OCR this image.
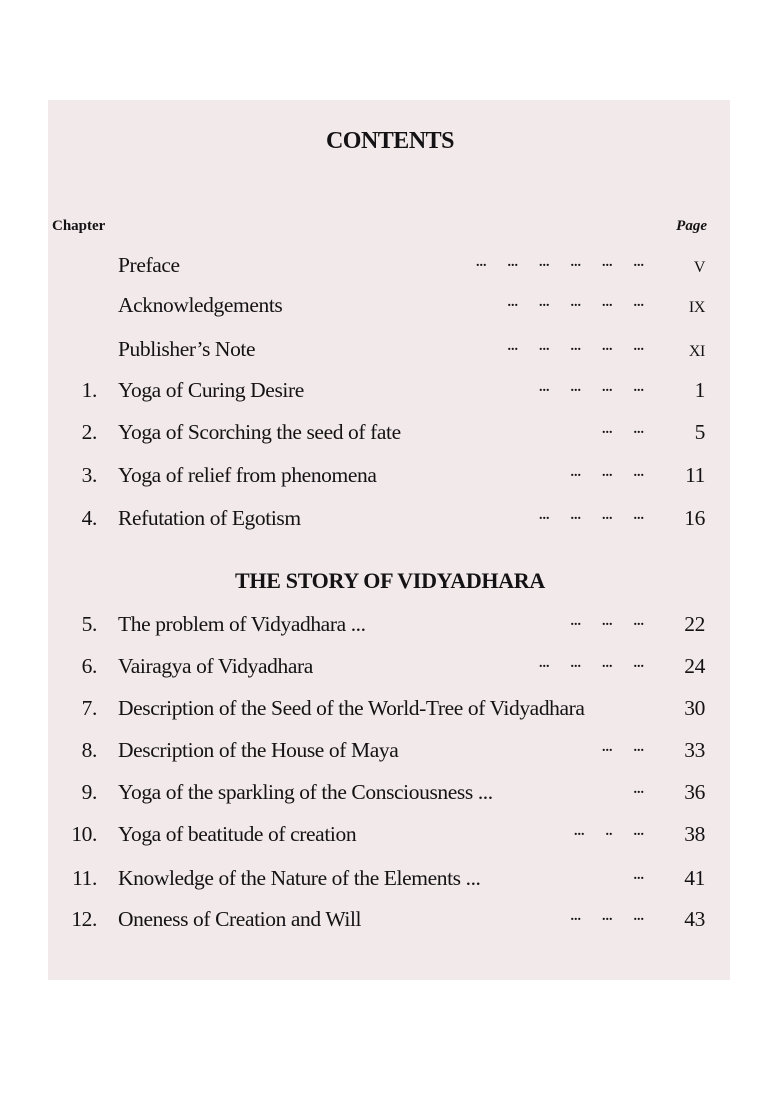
CONTENTS
Chapter	Page
Preface	...      ...      ...      ...      ...      ...	V
Acknowledgements	...      ...      ...      ...      ...	IX
Publisher’s Note	...      ...      ...      ...      ...	XI
1. Yoga of Curing Desire	...      ...      ...      ... 1
2. Yoga of Scorching the seed of fate	...      ... 5
3. Yoga of relief from phenomena	...      ...      ... 11
4. Refutation of Egotism	...      ...      ...      ... 16
5. The problem of Vidyadhara ...	...      ...      ... 22
6. Vairagya of Vidyadhara	...      ...      ...      ... 24
7. Description of the Seed of the World-Tree of Vidyadhara	30
8. Description of the House of Maya	...      ... 33
9. Yoga of the sparkling of the Consciousness ...	... 36
10. Yoga of beatitude of creation	...      ..      ... 38
11. Knowledge of the Nature of the Elements ...	... 41
12. Oneness of Creation and Will	...      ...      ... 43
THE STORY OF VIDYADHARA
